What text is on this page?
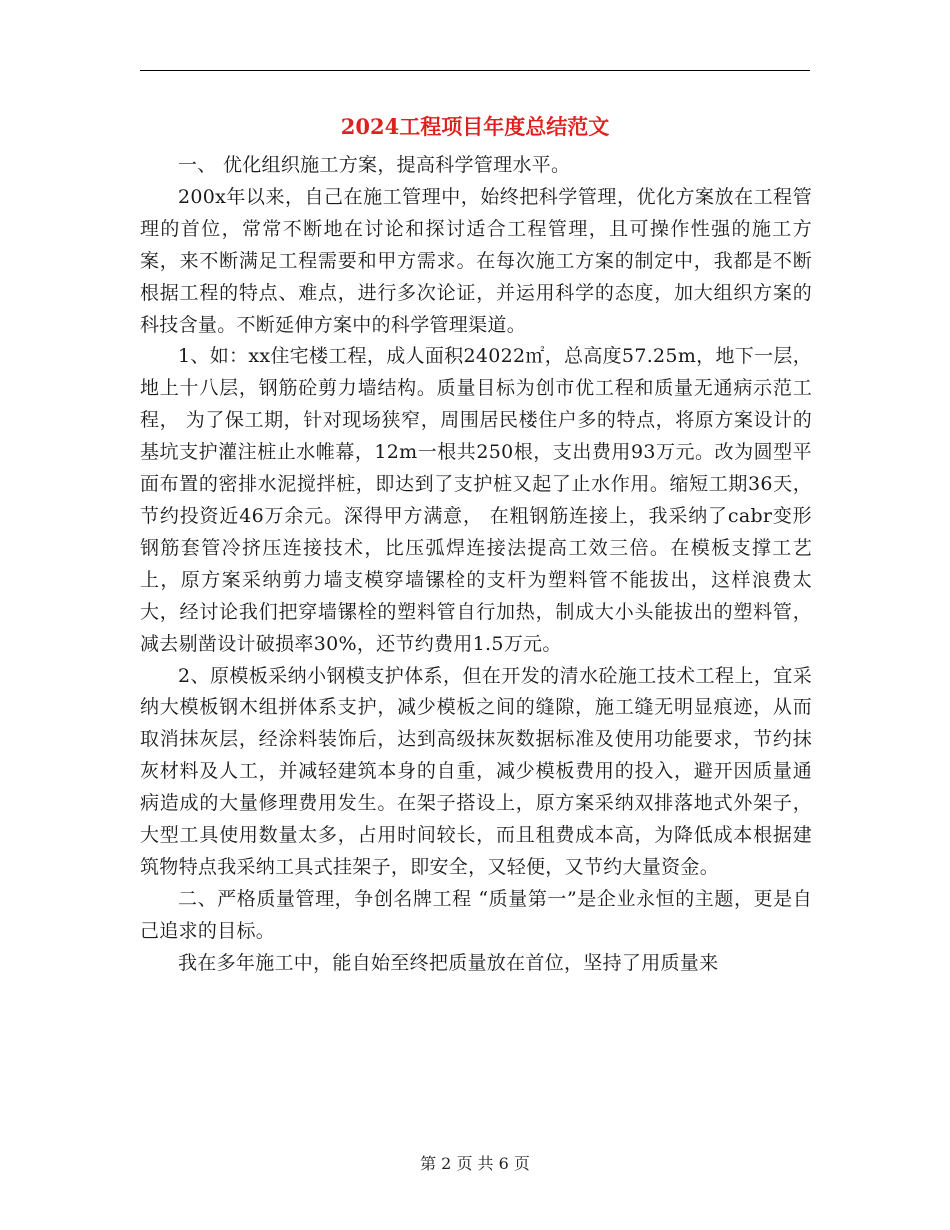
2024工程项目年度总结范文

一、 优化组织施工方案，提高科学管理水平。

200x年以来，自己在施工管理中，始终把科学管理，优化方案放在工程管理的首位，常常不断地在讨论和探讨适合工程管理，且可操作性强的施工方案，来不断满足工程需要和甲方需求。在每次施工方案的制定中，我都是不断根据工程的特点、难点，进行多次论证，并运用科学的态度，加大组织方案的科技含量。不断延伸方案中的科学管理渠道。

1、如：xx住宅楼工程，成人面积24022㎡，总高度57.25m，地下一层，地上十八层，钢筋砼剪力墙结构。质量目标为创市优工程和质量无通病示范工程， 为了保工期，针对现场狭窄，周围居民楼住户多的特点，将原方案设计的基坑支护灌注桩止水帷幕，12m一根共250根，支出费用93万元。改为圆型平面布置的密排水泥搅拌桩，即达到了支护桩又起了止水作用。缩短工期36天，节约投资近46万余元。深得甲方满意， 在粗钢筋连接上，我采纳了cabr变形钢筋套管冷挤压连接技术，比压弧焊连接法提高工效三倍。在模板支撑工艺上，原方案采纳剪力墙支模穿墙镙栓的支杆为塑料管不能拔出，这样浪费太大，经讨论我们把穿墙镙栓的塑料管自行加热，制成大小头能拔出的塑料管，减去剔凿设计破损率30%，还节约费用1.5万元。

2、原模板采纳小钢模支护体系，但在开发的清水砼施工技术工程上，宜采纳大模板钢木组拼体系支护，减少模板之间的缝隙，施工缝无明显痕迹，从而取消抹灰层，经涂料装饰后，达到高级抹灰数据标准及使用功能要求，节约抹灰材料及人工，并减轻建筑本身的自重，减少模板费用的投入，避开因质量通病造成的大量修理费用发生。在架子搭设上，原方案采纳双排落地式外架子，大型工具使用数量太多，占用时间较长，而且租费成本高，为降低成本根据建筑物特点我采纳工具式挂架子，即安全，又轻便，又节约大量资金。

二、严格质量管理，争创名牌工程 “质量第一”是企业永恒的主题，更是自己追求的目标。

我在多年施工中，能自始至终把质量放在首位，坚持了用质量来

第 2 页 共 6 页
